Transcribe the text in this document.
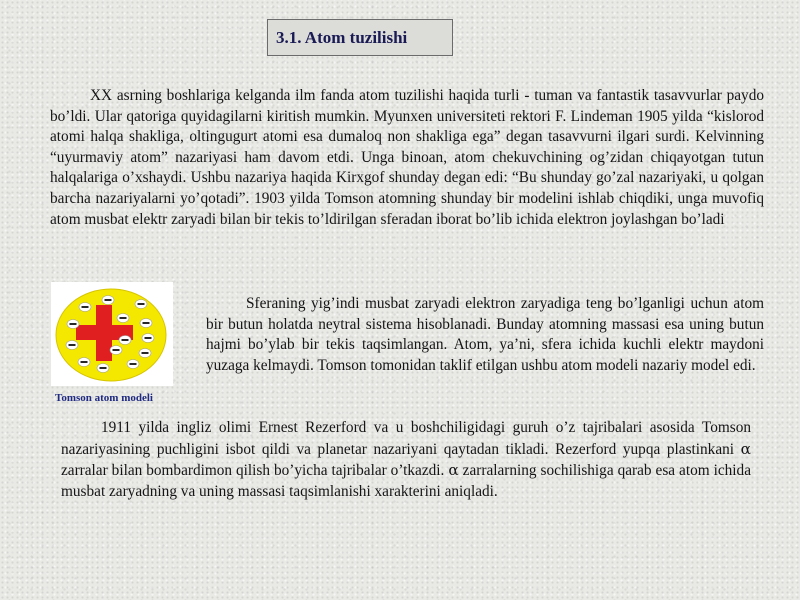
3.1. Atom tuzilishi

XX asrning boshlariga kelganda ilm fanda atom tuzilishi haqida turli - tuman va fantastik tasavvurlar paydo bo’ldi. Ular qatoriga quyidagilarni kiritish mumkin. Myunxen universiteti rektori F. Lindeman 1905 yilda “kislorod atomi halqa shakliga, oltingugurt atomi esa dumaloq non shakliga ega” degan tasavvurni ilgari surdi. Kelvinning “uyurmaviy atom” nazariyasi ham davom etdi. Unga binoan, atom chekuvchining og’zidan chiqayotgan tutun halqalariga o’xshaydi. Ushbu nazariya haqida Kirxgof shunday degan edi: “Bu shunday go’zal nazariyaki, u qolgan barcha nazariyalarni yo’qotadi”. 1903 yilda Tomson atomning shunday bir modelini ishlab chiqdiki, unga muvofiq atom musbat elektr zaryadi bilan bir tekis to’ldirilgan sferadan iborat bo’lib ichida elektron joylashgan bo’ladi

Tomson atom modeli

Sferaning yig’indi musbat zaryadi elektron zaryadiga teng bo’lganligi uchun atom bir butun holatda neytral sistema hisoblanadi. Bunday atomning massasi esa uning butun hajmi bo’ylab bir tekis taqsimlangan. Atom, ya’ni, sfera ichida kuchli elektr maydoni yuzaga kelmaydi. Tomson tomonidan taklif etilgan ushbu atom modeli nazariy model edi.

1911 yilda ingliz olimi Ernest Rezerford va u boshchiligidagi guruh o’z tajribalari asosida Tomson nazariyasining puchligini isbot qildi va planetar nazariyani qaytadan tikladi. Rezerford yupqa plastinkani α zarralar bilan bombardimon qilish bo’yicha tajribalar o’tkazdi. α zarralarning sochilishiga qarab esa atom ichida musbat zaryadning va uning massasi taqsimlanishi xarakterini aniqladi.
